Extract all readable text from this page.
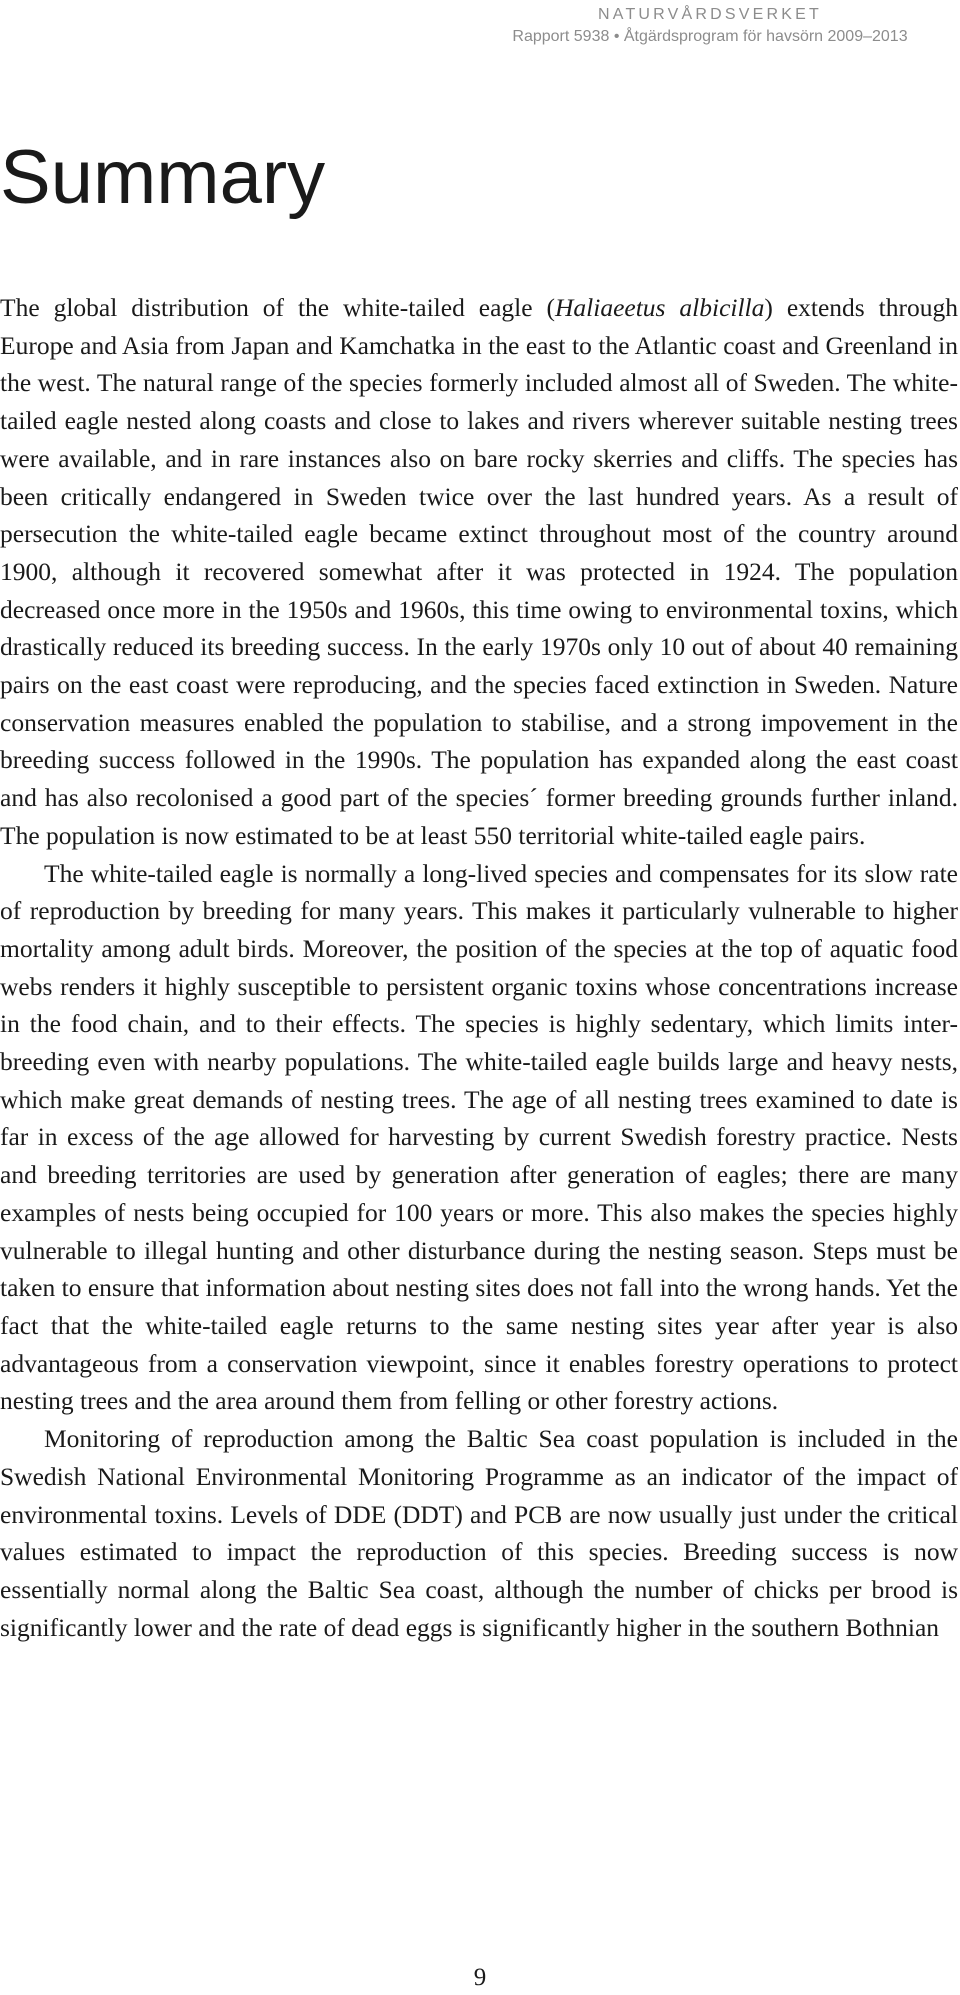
NATURVÅRDSVERKET
Rapport 5938 • Åtgärdsprogram för havsörn 2009–2013
Summary

The global distribution of the white-tailed eagle (Haliaeetus albicilla) extends through Europe and Asia from Japan and Kamchatka in the east to the Atlantic coast and Greenland in the west. The natural range of the species formerly included almost all of Sweden. The white-tailed eagle nested along coasts and close to lakes and rivers wherever suitable nesting trees were available, and in rare instances also on bare rocky skerries and cliffs. The species has been critically endangered in Sweden twice over the last hundred years. As a result of persecution the white-tailed eagle became extinct throughout most of the country around 1900, although it recovered somewhat after it was protected in 1924. The population decreased once more in the 1950s and 1960s, this time owing to environmental toxins, which drastically reduced its breeding success. In the early 1970s only 10 out of about 40 remaining pairs on the east coast were reproducing, and the species faced extinction in Sweden. Nature conservation measures enabled the population to stabilise, and a strong impovement in the breeding success followed in the 1990s. The population has expanded along the east coast and has also recolonised a good part of the species´ former breeding grounds further inland. The population is now estimated to be at least 550 territorial white-tailed eagle pairs.

The white-tailed eagle is normally a long-lived species and compensates for its slow rate of reproduction by breeding for many years. This makes it particularly vulnerable to higher mortality among adult birds. Moreover, the position of the species at the top of aquatic food webs renders it highly susceptible to persistent organic toxins whose concentrations increase in the food chain, and to their effects. The species is highly sedentary, which limits inter-breeding even with nearby populations. The white-tailed eagle builds large and heavy nests, which make great demands of nesting trees. The age of all nesting trees examined to date is far in excess of the age allowed for harvesting by current Swedish forestry practice. Nests and breeding territories are used by generation after generation of eagles; there are many examples of nests being occupied for 100 years or more. This also makes the species highly vulnerable to illegal hunting and other disturbance during the nesting season. Steps must be taken to ensure that information about nesting sites does not fall into the wrong hands. Yet the fact that the white-tailed eagle returns to the same nesting sites year after year is also advantageous from a conservation viewpoint, since it enables forestry operations to protect nesting trees and the area around them from felling or other forestry actions.

Monitoring of reproduction among the Baltic Sea coast population is included in the Swedish National Environmental Monitoring Programme as an indicator of the impact of environmental toxins. Levels of DDE (DDT) and PCB are now usually just under the critical values estimated to impact the reproduction of this species. Breeding success is now essentially normal along the Baltic Sea coast, although the number of chicks per brood is significantly lower and the rate of dead eggs is significantly higher in the southern Bothnian

9
